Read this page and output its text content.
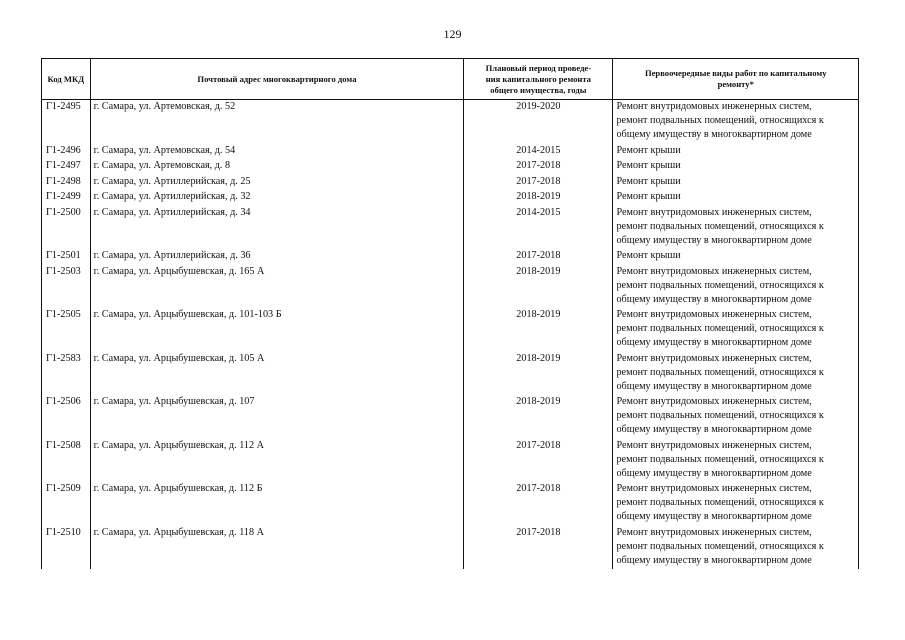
129
Код МКД	Почтовый адрес многоквартирного дома	Плановый период проведе-
ния капитального ремонта
общего имущества, годы	Первоочередные виды работ по капитальному
ремонту*

Г1-2495	г. Самара, ул. Артемовская, д. 52	2019-2020	Ремонт внутридомовых инженерных систем,
ремонт подвальных помещений, относящихся к
общему имуществу в многоквартирном доме

Г1-2496	г. Самара, ул. Артемовская, д. 54	2014-2015	Ремонт крыши

Г1-2497	г. Самара, ул. Артемовская, д. 8	2017-2018	Ремонт крыши

Г1-2498	г. Самара, ул. Артиллерийская, д. 25	2017-2018	Ремонт крыши

Г1-2499	г. Самара, ул. Артиллерийская, д. 32	2018-2019	Ремонт крыши

Г1-2500	г. Самара, ул. Артиллерийская, д. 34	2014-2015	Ремонт внутридомовых инженерных систем,
ремонт подвальных помещений, относящихся к
общему имуществу в многоквартирном доме

Г1-2501	г. Самара, ул. Артиллерийская, д. 36	2017-2018	Ремонт крыши

Г1-2503	г. Самара, ул. Арцыбушевская, д. 165 А	2018-2019	Ремонт внутридомовых инженерных систем,
ремонт подвальных помещений, относящихся к
общему имуществу в многоквартирном доме

Г1-2505	г. Самара, ул. Арцыбушевская, д. 101-103 Б	2018-2019	Ремонт внутридомовых инженерных систем,
ремонт подвальных помещений, относящихся к
общему имуществу в многоквартирном доме

Г1-2583	г. Самара, ул. Арцыбушевская, д. 105 А	2018-2019	Ремонт внутридомовых инженерных систем,
ремонт подвальных помещений, относящихся к
общему имуществу в многоквартирном доме

Г1-2506	г. Самара, ул. Арцыбушевская, д. 107	2018-2019	Ремонт внутридомовых инженерных систем,
ремонт подвальных помещений, относящихся к
общему имуществу в многоквартирном доме

Г1-2508	г. Самара, ул. Арцыбушевская, д. 112 А	2017-2018	Ремонт внутридомовых инженерных систем,
ремонт подвальных помещений, относящихся к
общему имуществу в многоквартирном доме

Г1-2509	г. Самара, ул. Арцыбушевская, д. 112 Б	2017-2018	Ремонт внутридомовых инженерных систем,
ремонт подвальных помещений, относящихся к
общему имуществу в многоквартирном доме

Г1-2510	г. Самара, ул. Арцыбушевская, д. 118 А	2017-2018	Ремонт внутридомовых инженерных систем,
ремонт подвальных помещений, относящихся к
общему имуществу в многоквартирном доме
